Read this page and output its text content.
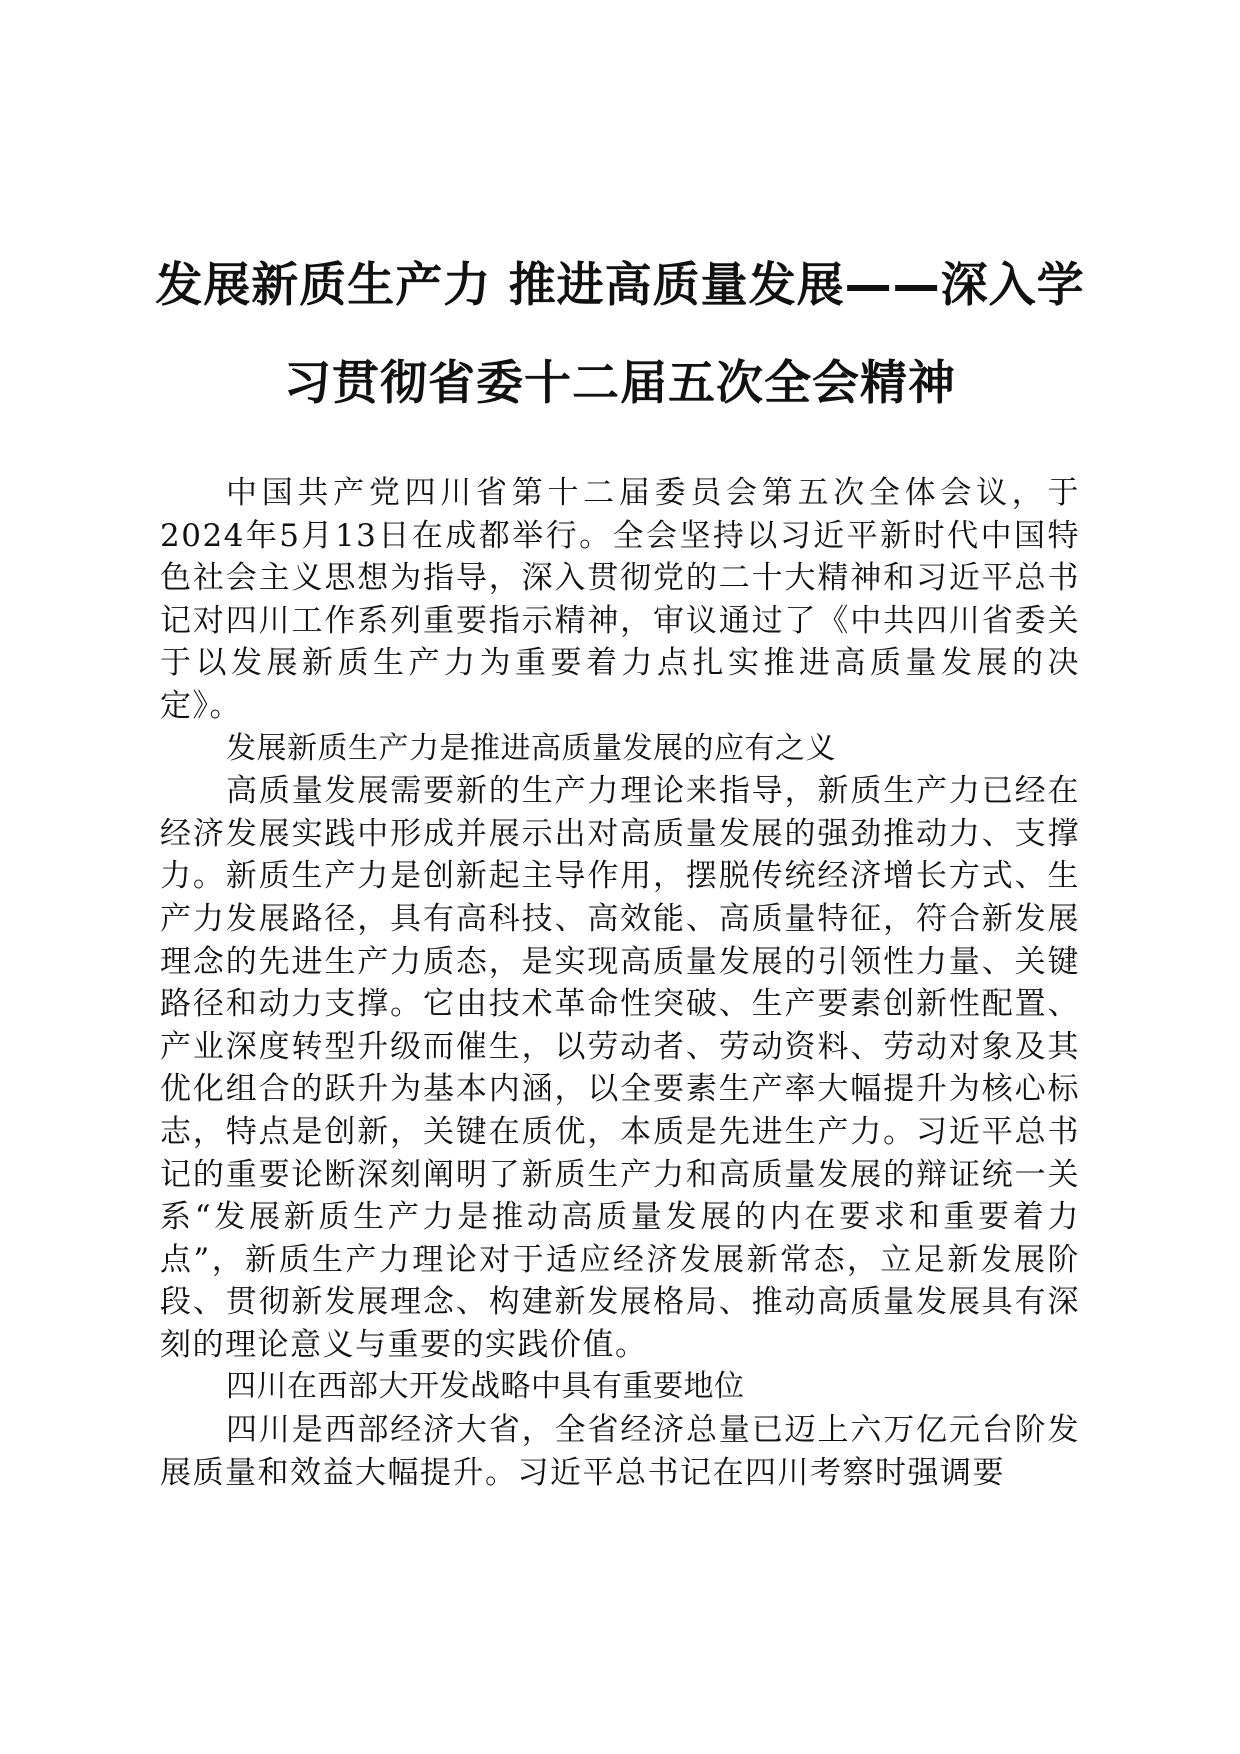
发展新质生产力 推进高质量发展——深入学
习贯彻省委十二届五次全会精神

中国共产党四川省第十二届委员会第五次全体会议，于2024年5月13日在成都举行。全会坚持以习近平新时代中国特色社会主义思想为指导，深入贯彻党的二十大精神和习近平总书记对四川工作系列重要指示精神，审议通过了《中共四川省委关于以发展新质生产力为重要着力点扎实推进高质量发展的决定》。

发展新质生产力是推进高质量发展的应有之义

高质量发展需要新的生产力理论来指导，新质生产力已经在经济发展实践中形成并展示出对高质量发展的强劲推动力、支撑力。新质生产力是创新起主导作用，摆脱传统经济增长方式、生产力发展路径，具有高科技、高效能、高质量特征，符合新发展理念的先进生产力质态，是实现高质量发展的引领性力量、关键路径和动力支撑。它由技术革命性突破、生产要素创新性配置、产业深度转型升级而催生，以劳动者、劳动资料、劳动对象及其优化组合的跃升为基本内涵，以全要素生产率大幅提升为核心标志，特点是创新，关键在质优，本质是先进生产力。习近平总书记的重要论断深刻阐明了新质生产力和高质量发展的辩证统一关系“发展新质生产力是推动高质量发展的内在要求和重要着力点”，新质生产力理论对于适应经济发展新常态，立足新发展阶段、贯彻新发展理念、构建新发展格局、推动高质量发展具有深刻的理论意义与重要的实践价值。

四川在西部大开发战略中具有重要地位

四川是西部经济大省，全省经济总量已迈上六万亿元台阶发展质量和效益大幅提升。习近平总书记在四川考察时强调要
